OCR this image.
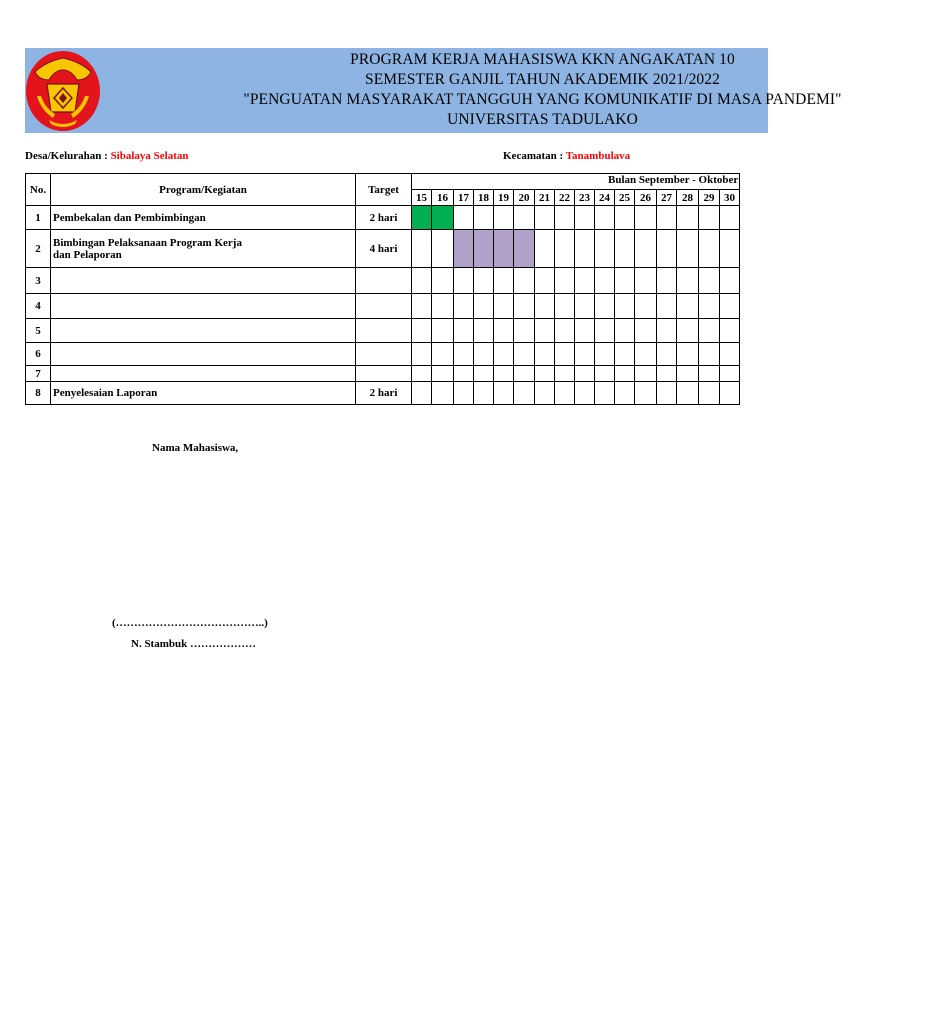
PROGRAM KERJA MAHASISWA KKN ANGAKATAN 10
SEMESTER GANJIL TAHUN AKADEMIK 2021/2022
"PENGUATAN MASYARAKAT TANGGUH YANG KOMUNIKATIF DI MASA PANDEMI"
UNIVERSITAS TADULAKO
Desa/Kelurahan : Sibalaya Selatan	Kecamatan : Tanambulava
No.	Program/Kegiatan	Target	Bulan September - Oktober															

			15	16	17	18	19	20	21	22	23	24	25	26	27	28	29	30
1	Pembekalan dan Pembimbingan	2 hari																
2	Bimbingan Pelaksanaan Program Kerja dan Pelaporan	4 hari																
3																		
4																		
5																		
6																		
7																		
8	Penyelesaian Laporan	2 hari																
Nama Mahasiswa,
(…………………………………..)
N. Stambuk ………………
